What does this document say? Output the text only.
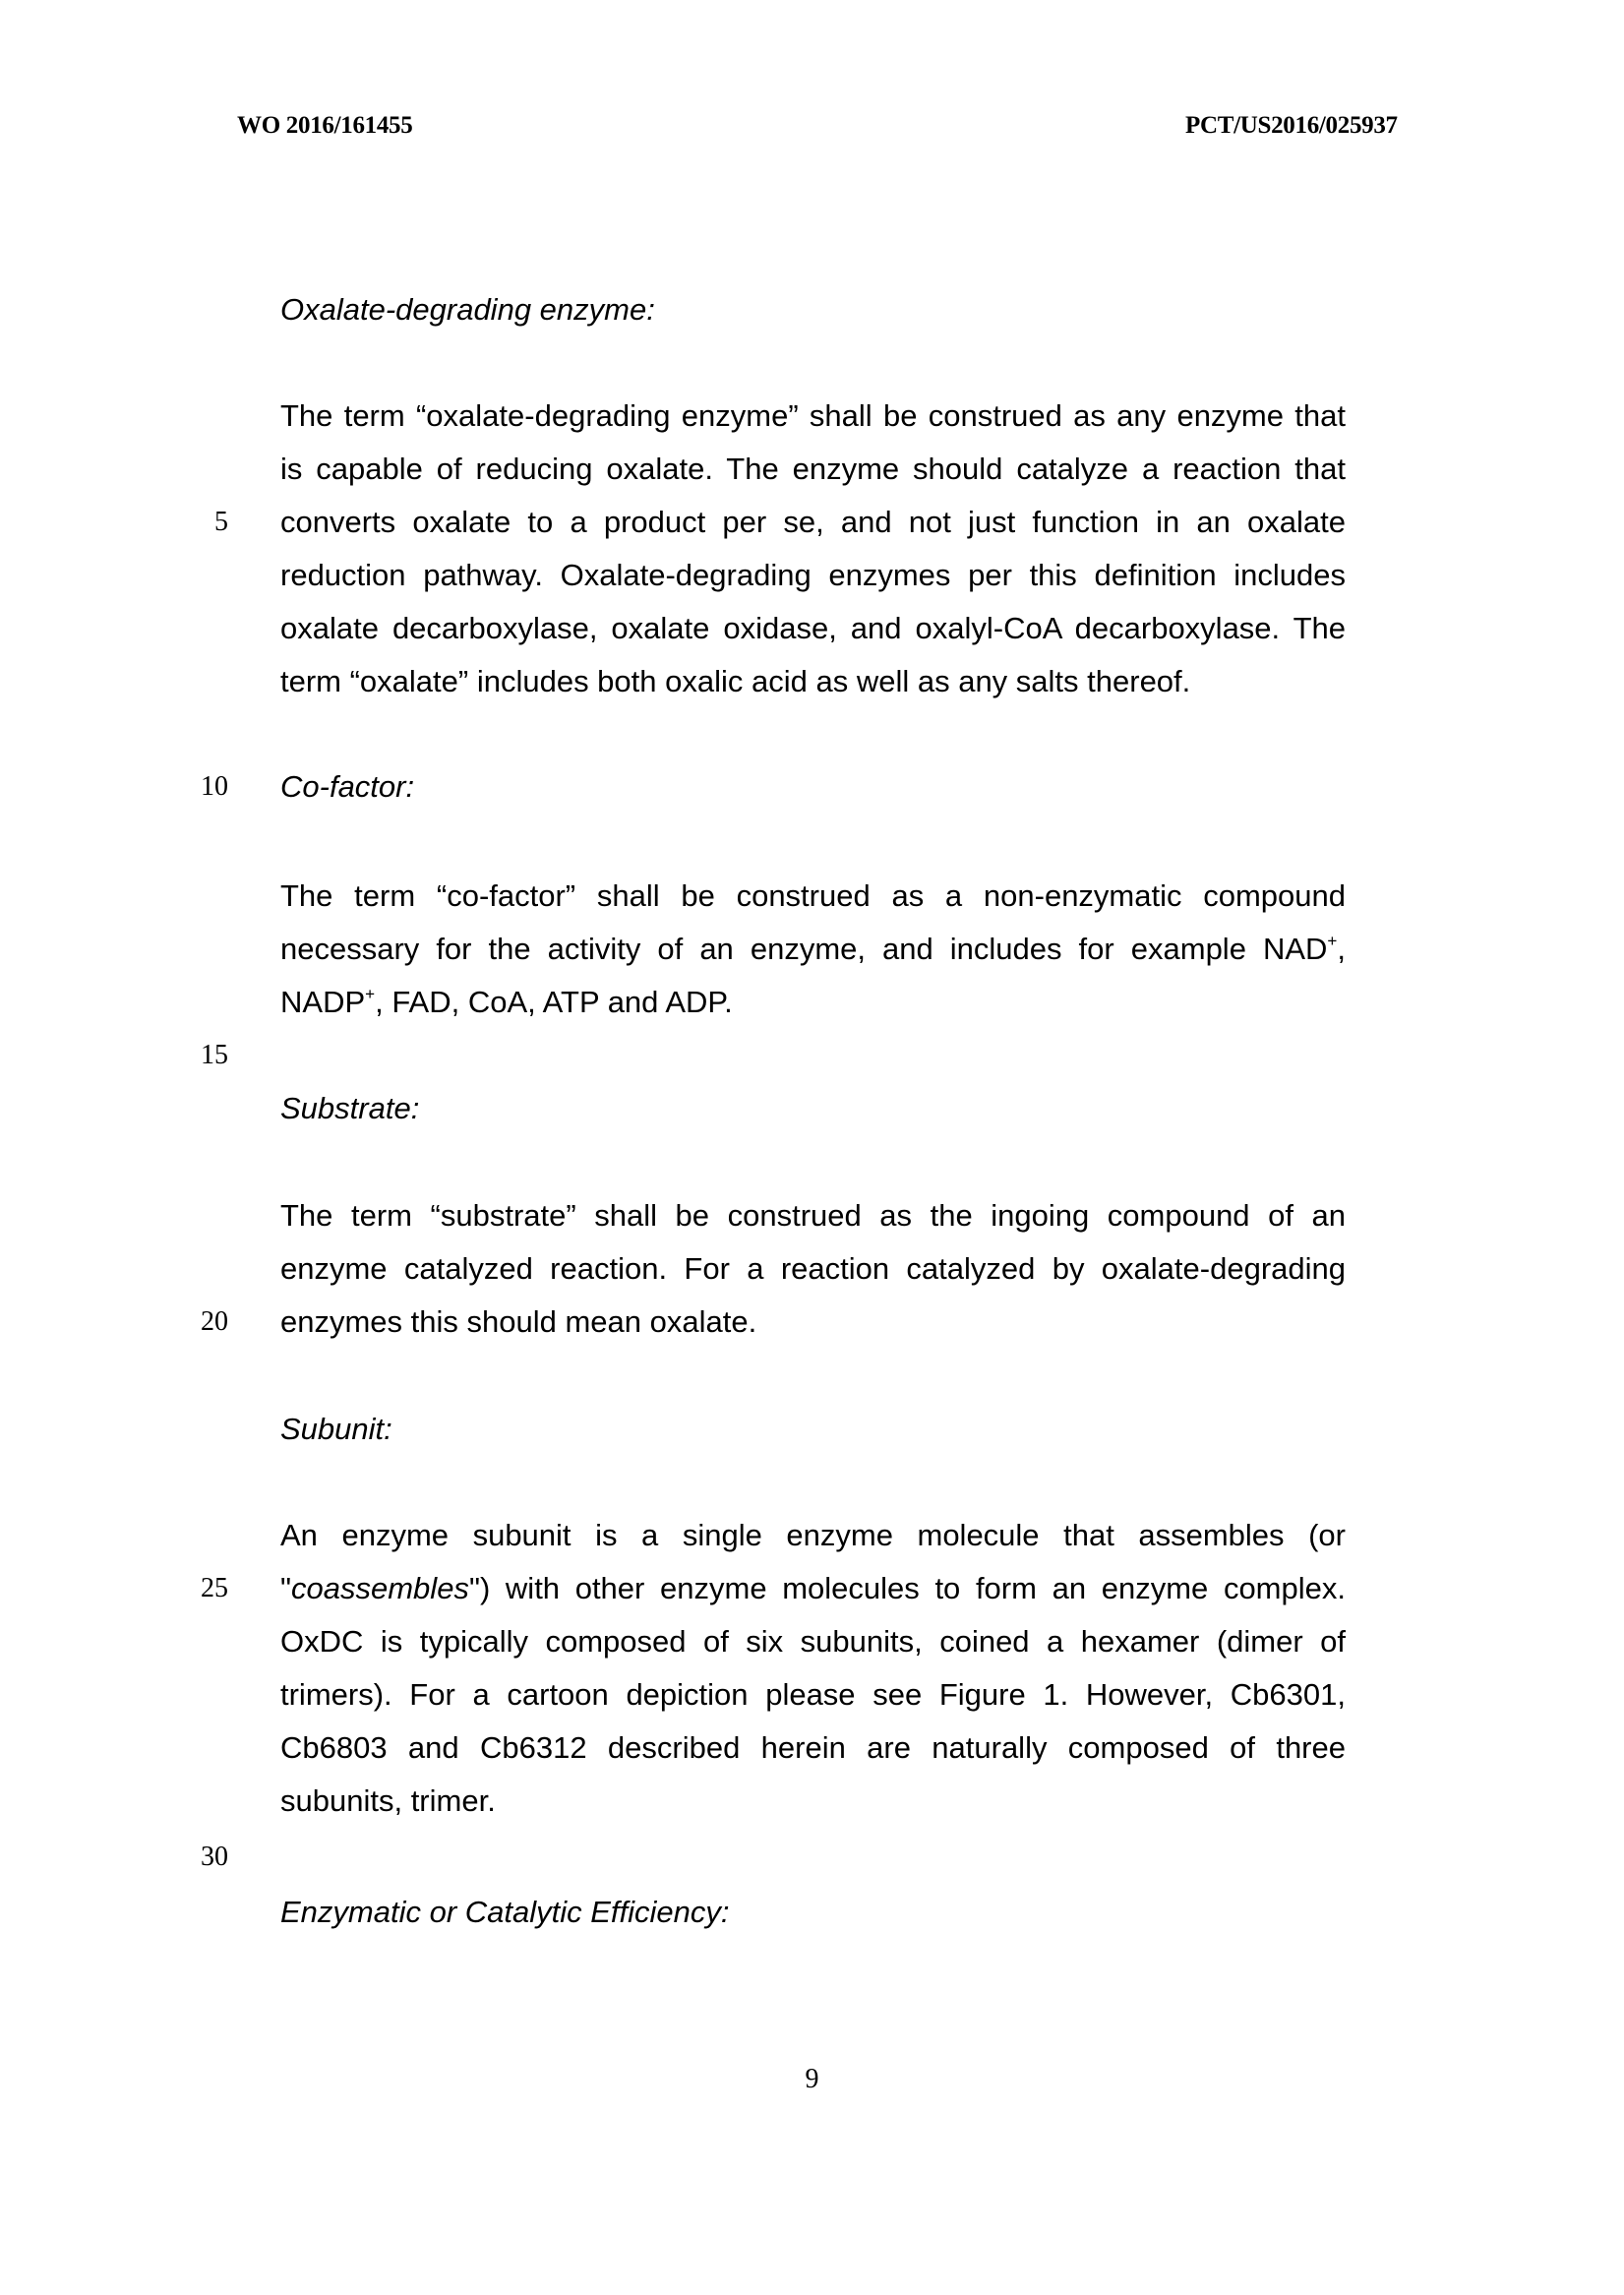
WO 2016/161455	PCT/US2016/025937
Oxalate-degrading enzyme:
The term “oxalate-degrading enzyme” shall be construed as any enzyme that
is capable of reducing oxalate. The enzyme should catalyze a reaction that
converts oxalate to a product per se, and not just function in an oxalate
reduction pathway. Oxalate-degrading enzymes per this definition includes
oxalate decarboxylase, oxalate oxidase, and oxalyl-CoA decarboxylase. The
term “oxalate” includes both oxalic acid as well as any salts thereof.
5
10 Co-factor:
The term “co-factor” shall be construed as a non-enzymatic compound
necessary for the activity of an enzyme, and includes for example NAD+,
NADP+, FAD, CoA, ATP and ADP.
15
Substrate:
The term “substrate” shall be construed as the ingoing compound of an
enzyme catalyzed reaction. For a reaction catalyzed by oxalate-degrading
enzymes this should mean oxalate.
20
Subunit:
An enzyme subunit is a single enzyme molecule that assembles (or
"coassembles") with other enzyme molecules to form an enzyme complex.
OxDC is typically composed of six subunits, coined a hexamer (dimer of
trimers). For a cartoon depiction please see Figure 1. However, Cb6301,
Cb6803 and Cb6312 described herein are naturally composed of three
subunits, trimer.
25
30
Enzymatic or Catalytic Efficiency:
9
